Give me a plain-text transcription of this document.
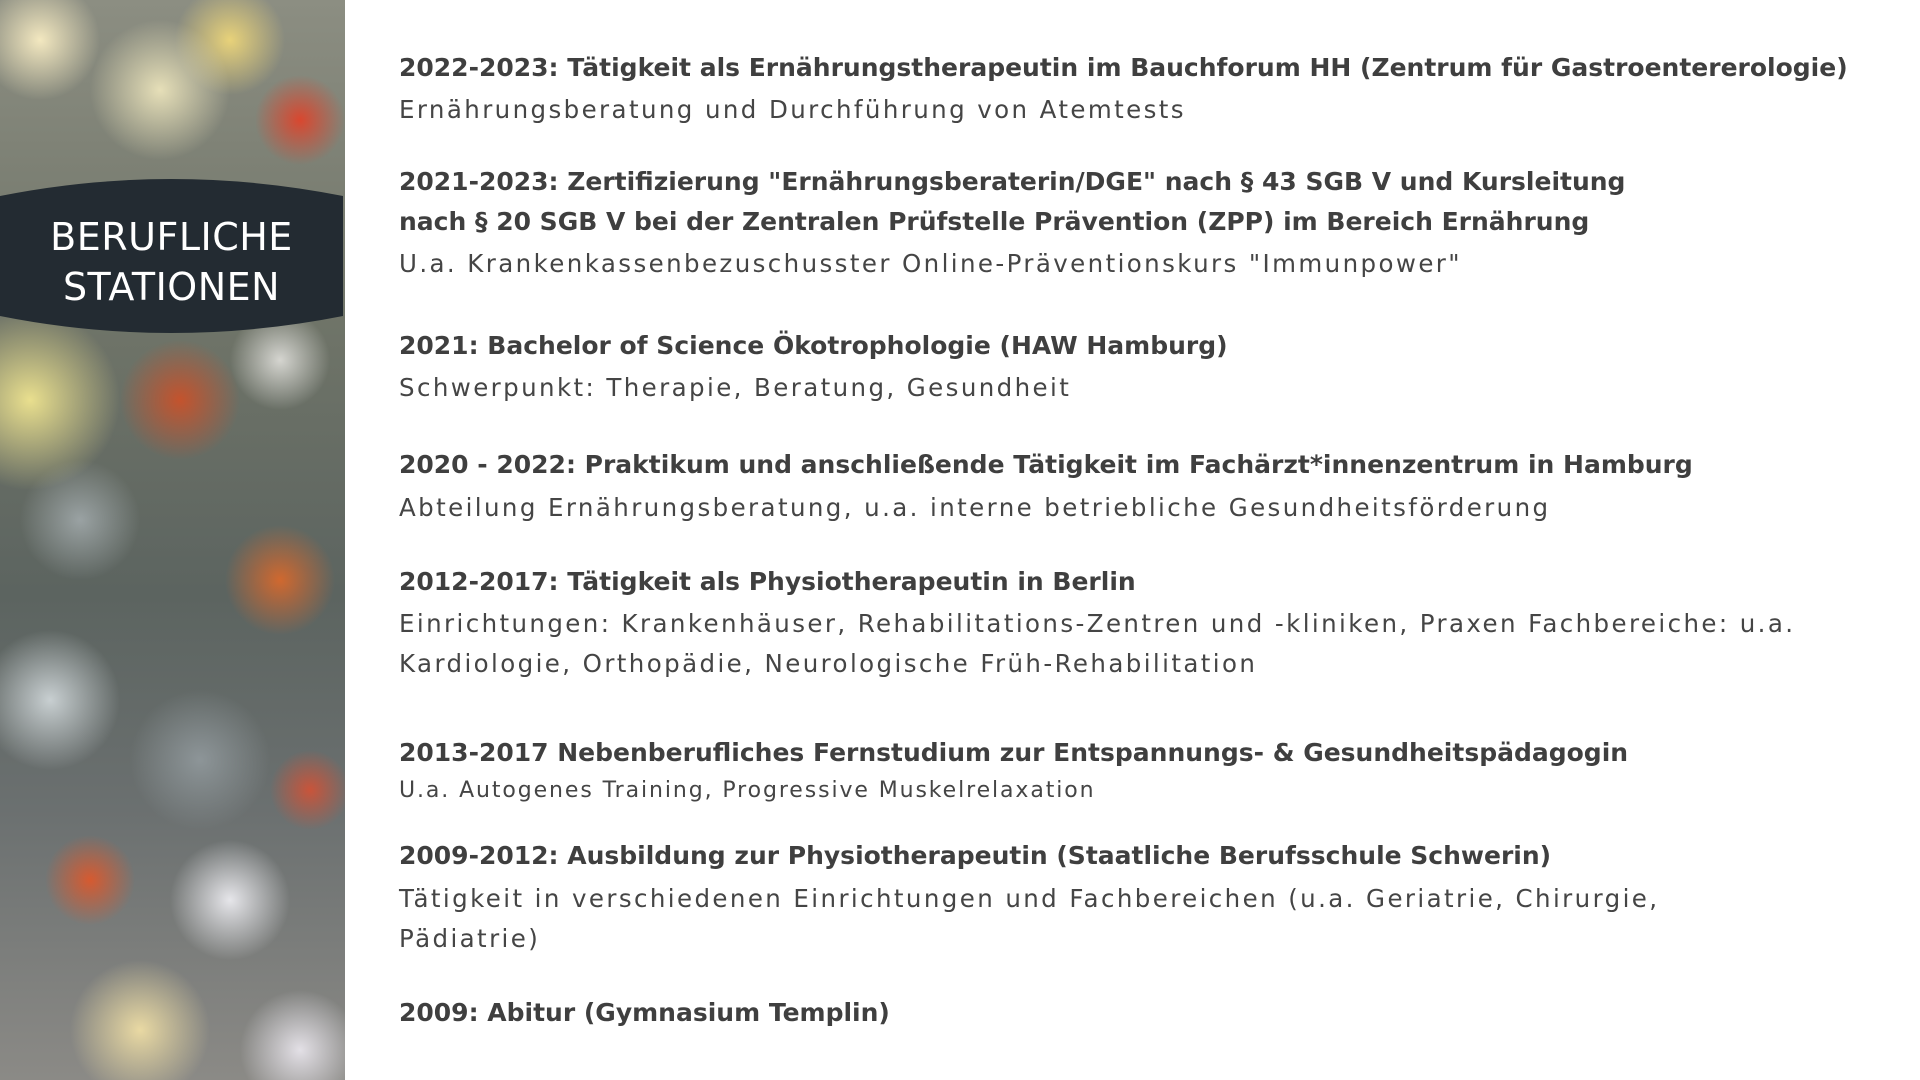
BERUFLICHE
STATIONEN

2022-2023: Tätigkeit als Ernährungstherapeutin im Bauchforum HH (Zentrum für Gastroentererologie)

Ernährungsberatung und Durchführung von Atemtests

2021-2023: Zertifizierung "Ernährungsberaterin/DGE" nach § 43 SGB V und Kursleitung

nach § 20 SGB V bei der Zentralen Prüfstelle Prävention (ZPP) im Bereich Ernährung

U.a. Krankenkassenbezuschusster Online-Präventionskurs "Immunpower"

2021: Bachelor of Science Ökotrophologie (HAW Hamburg)

Schwerpunkt: Therapie, Beratung, Gesundheit

2020 - 2022: Praktikum und anschließende Tätigkeit im Fachärzt*innenzentrum in Hamburg

Abteilung Ernährungsberatung, u.a. interne betriebliche Gesundheitsförderung

2012-2017: Tätigkeit als Physiotherapeutin in Berlin

Einrichtungen: Krankenhäuser, Rehabilitations-Zentren und -kliniken, Praxen Fachbereiche: u.a.

Kardiologie, Orthopädie, Neurologische Früh-Rehabilitation

2013-2017 Nebenberufliches Fernstudium zur Entspannungs- & Gesundheitspädagogin

U.a. Autogenes Training, Progressive Muskelrelaxation

2009-2012: Ausbildung zur Physiotherapeutin (Staatliche Berufsschule Schwerin)

Tätigkeit in verschiedenen Einrichtungen und Fachbereichen (u.a. Geriatrie, Chirurgie,

Pädiatrie)

2009: Abitur (Gymnasium Templin)
